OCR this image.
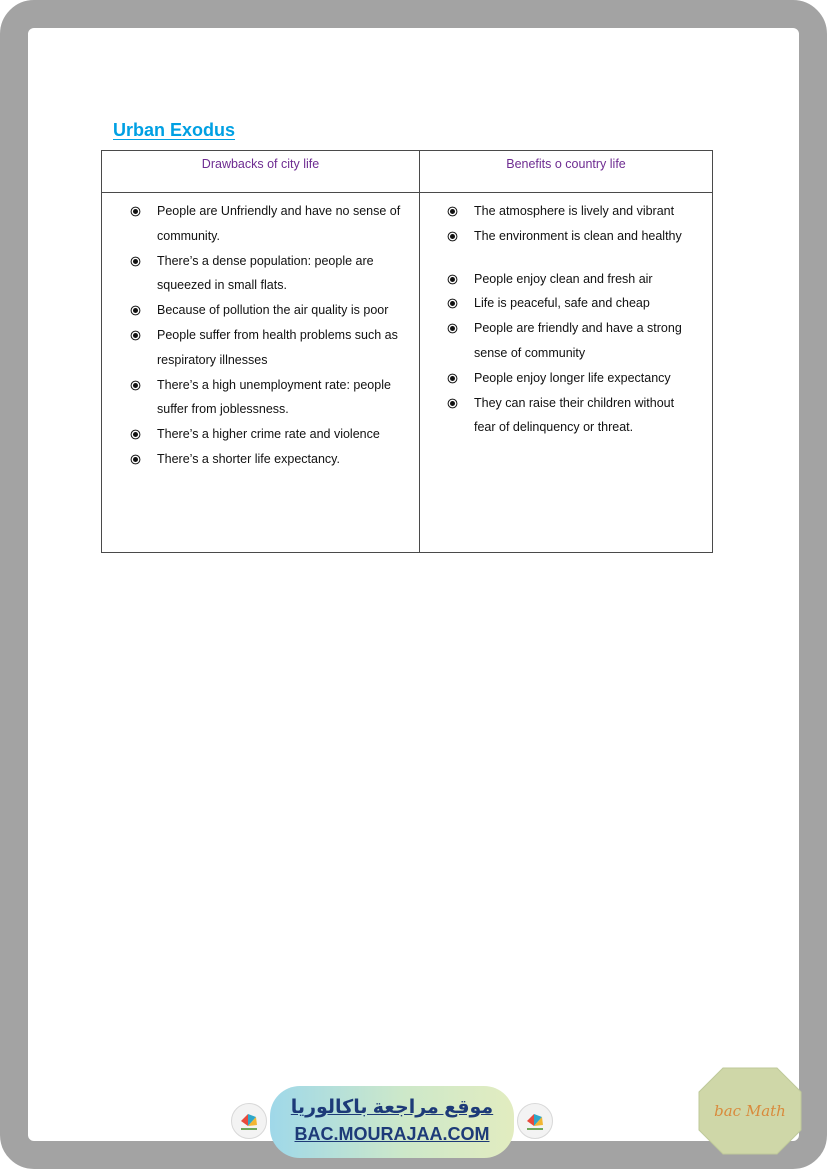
Urban Exodus
Drawbacks of city life
People are Unfriendly and have no sense of community.
There’s a dense population: people are squeezed in small flats.
Because of pollution the air quality is poor
People suffer from health problems such as respiratory illnesses
There’s a high unemployment rate: people suffer from joblessness.
There’s a higher crime rate and violence
There’s a shorter life expectancy.
Benefits o country life
The atmosphere is lively and vibrant
The environment is clean and healthy
People enjoy clean and fresh air
Life is peaceful, safe and cheap
People are friendly and have a strong sense of community
People enjoy longer life expectancy
They can raise their children without fear of delinquency or threat.
موقع مراجعة باكالوريا
BAC.MOURAJAA.COM
bac Math
